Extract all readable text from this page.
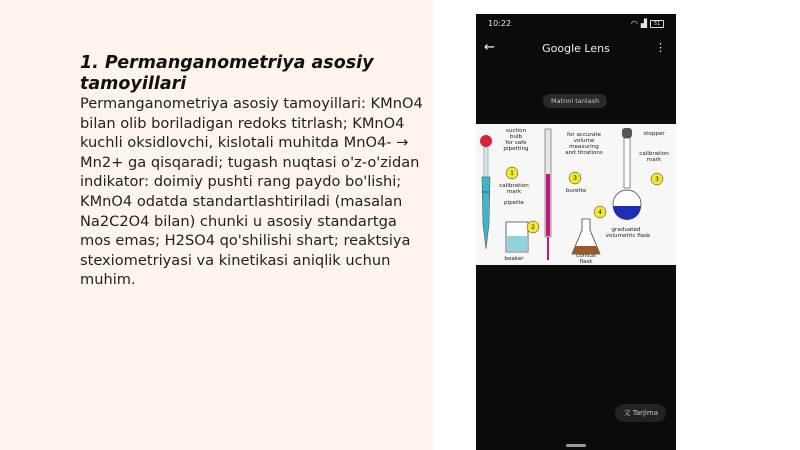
1. Permanganometriya asosiy tamoyillari

Permanganometriya asosiy tamoyillari: KMnO4 bilan olib boriladigan redoks titrlash; KMnO4 kuchli oksidlovchi, kislotali muhitda MnO4- → Mn2+ ga qisqaradi; tugash nuqtasi o'z-o'zidan indikator: doimiy pushti rang paydo bo'lishi; KMnO4 odatda standartlashtiriladi (masalan Na2C2O4 bilan) chunki u asosiy standartga mos emas; H2SO4 qo'shilishi shart; reaktsiya stexiometriyasi va kinetikasi aniqlik uchun muhim.

10:22	◠ ▟	51
←	Google Lens	⋮
Matnni tanlash
1
2
3
4
3
suction
bulb
for safe
pipetting
calibration
mark
pipette
beaker
for accurate
volume
measuring
and titrations
burette
conical
flask
stopper
calibration
mark
graduated
volumetric flask
文 Tarjima
